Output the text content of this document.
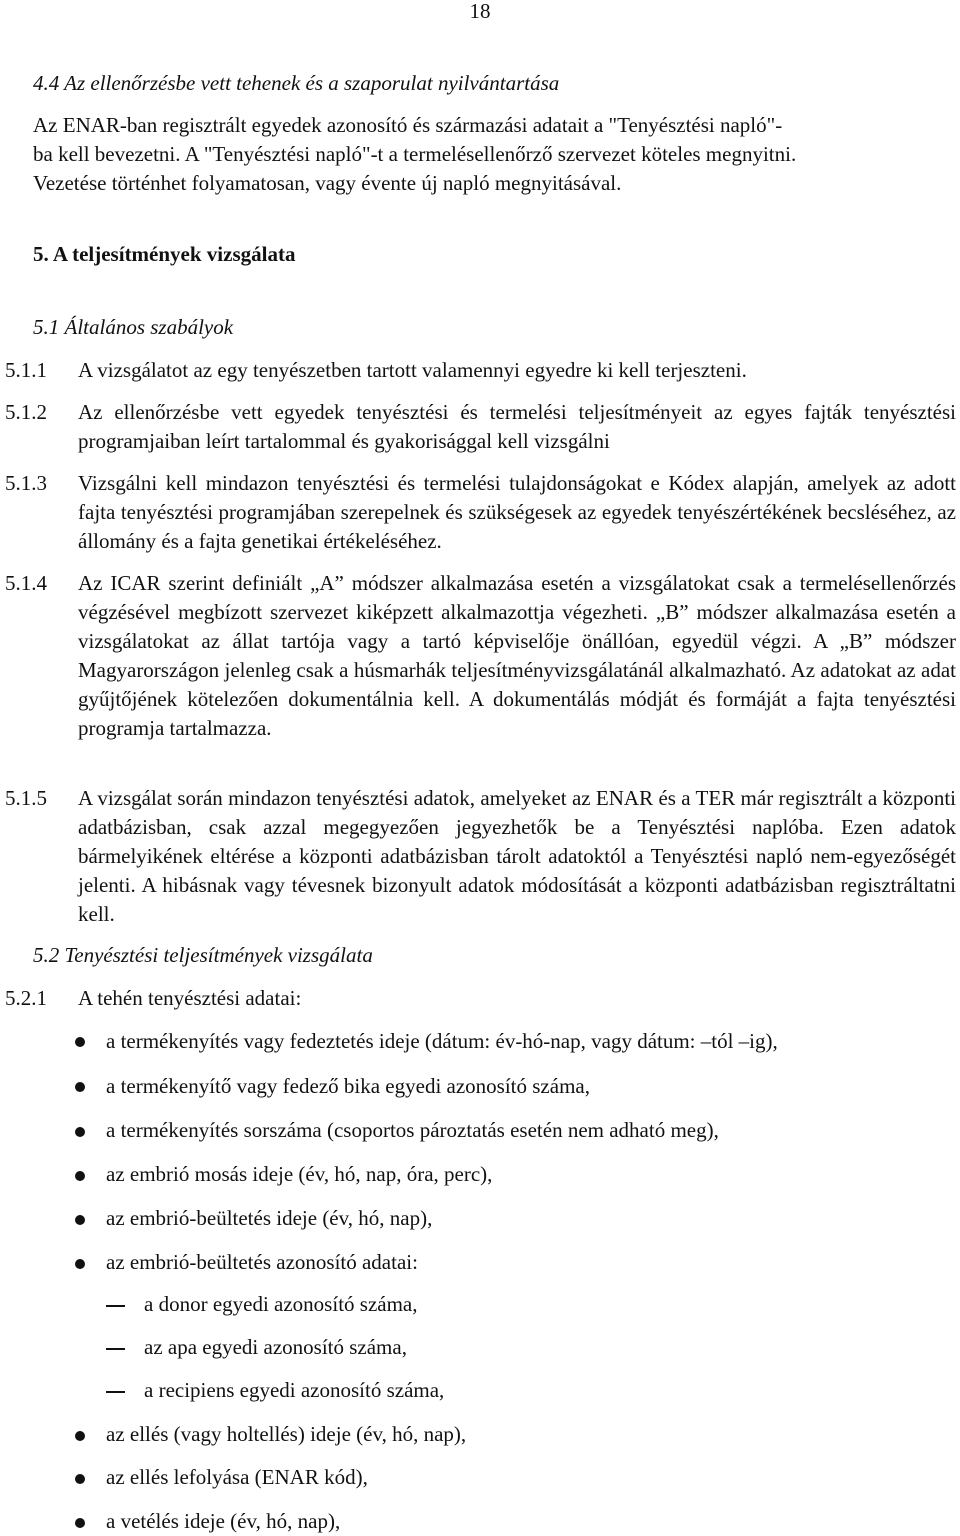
18
4.4 Az ellenőrzésbe vett tehenek és a szaporulat nyilvántartása
Az ENAR-ban regisztrált egyedek azonosító és származási adatait a "Tenyésztési napló"-
ba kell bevezetni. A "Tenyésztési napló"-t a termelésellenőrző szervezet köteles megnyitni.
Vezetése történhet folyamatosan, vagy évente új napló megnyitásával.
5. A teljesítmények vizsgálata
5.1 Általános szabályok
5.1.1 A vizsgálatot az egy tenyészetben tartott valamennyi egyedre ki kell terjeszteni.
5.1.2 Az ellenőrzésbe vett egyedek tenyésztési és termelési teljesítményeit az egyes fajták tenyésztési programjaiban leírt tartalommal és gyakorisággal kell vizsgálni
5.1.3 Vizsgálni kell mindazon tenyésztési és termelési tulajdonságokat e Kódex alapján, amelyek az adott fajta tenyésztési programjában szerepelnek és szükségesek az egyedek tenyészértékének becsléséhez, az állomány és a fajta genetikai értékeléséhez.
5.1.4 Az ICAR szerint definiált „A” módszer alkalmazása esetén a vizsgálatokat csak a termelésellenőrzés végzésével megbízott szervezet kiképzett alkalmazottja végezheti. „B” módszer alkalmazása esetén a vizsgálatokat az állat tartója vagy a tartó képviselője önállóan, egyedül végzi. A „B” módszer Magyarországon jelenleg csak a húsmarhák teljesítményvizsgálatánál alkalmazható. Az adatokat az adat gyűjtőjének kötelezően dokumentálnia kell. A dokumentálás módját és formáját a fajta tenyésztési programja tartalmazza.
5.1.5 A vizsgálat során mindazon tenyésztési adatok, amelyeket az ENAR és a TER már regisztrált a központi adatbázisban, csak azzal megegyezően jegyezhetők be a Tenyésztési naplóba. Ezen adatok bármelyikének eltérése a központi adatbázisban tárolt adatoktól a Tenyésztési napló nem-egyezőségét jelenti. A hibásnak vagy tévesnek bizonyult adatok módosítását a központi adatbázisban regisztráltatni kell.
5.2 Tenyésztési teljesítmények vizsgálata
5.2.1 A tehén tenyésztési adatai:
a termékenyítés vagy fedeztetés ideje (dátum: év-hó-nap, vagy dátum: –tól –ig),
a termékenyítő vagy fedező bika egyedi azonosító száma,
a termékenyítés sorszáma (csoportos pároztatás esetén nem adható meg),
az embrió mosás ideje (év, hó, nap, óra, perc),
az embrió-beültetés ideje (év, hó, nap),
az embrió-beültetés azonosító adatai:
a donor egyedi azonosító száma,
az apa egyedi azonosító száma,
a recipiens egyedi azonosító száma,
az ellés (vagy holtellés) ideje (év, hó, nap),
az ellés lefolyása (ENAR kód),
a vetélés ideje (év, hó, nap),
